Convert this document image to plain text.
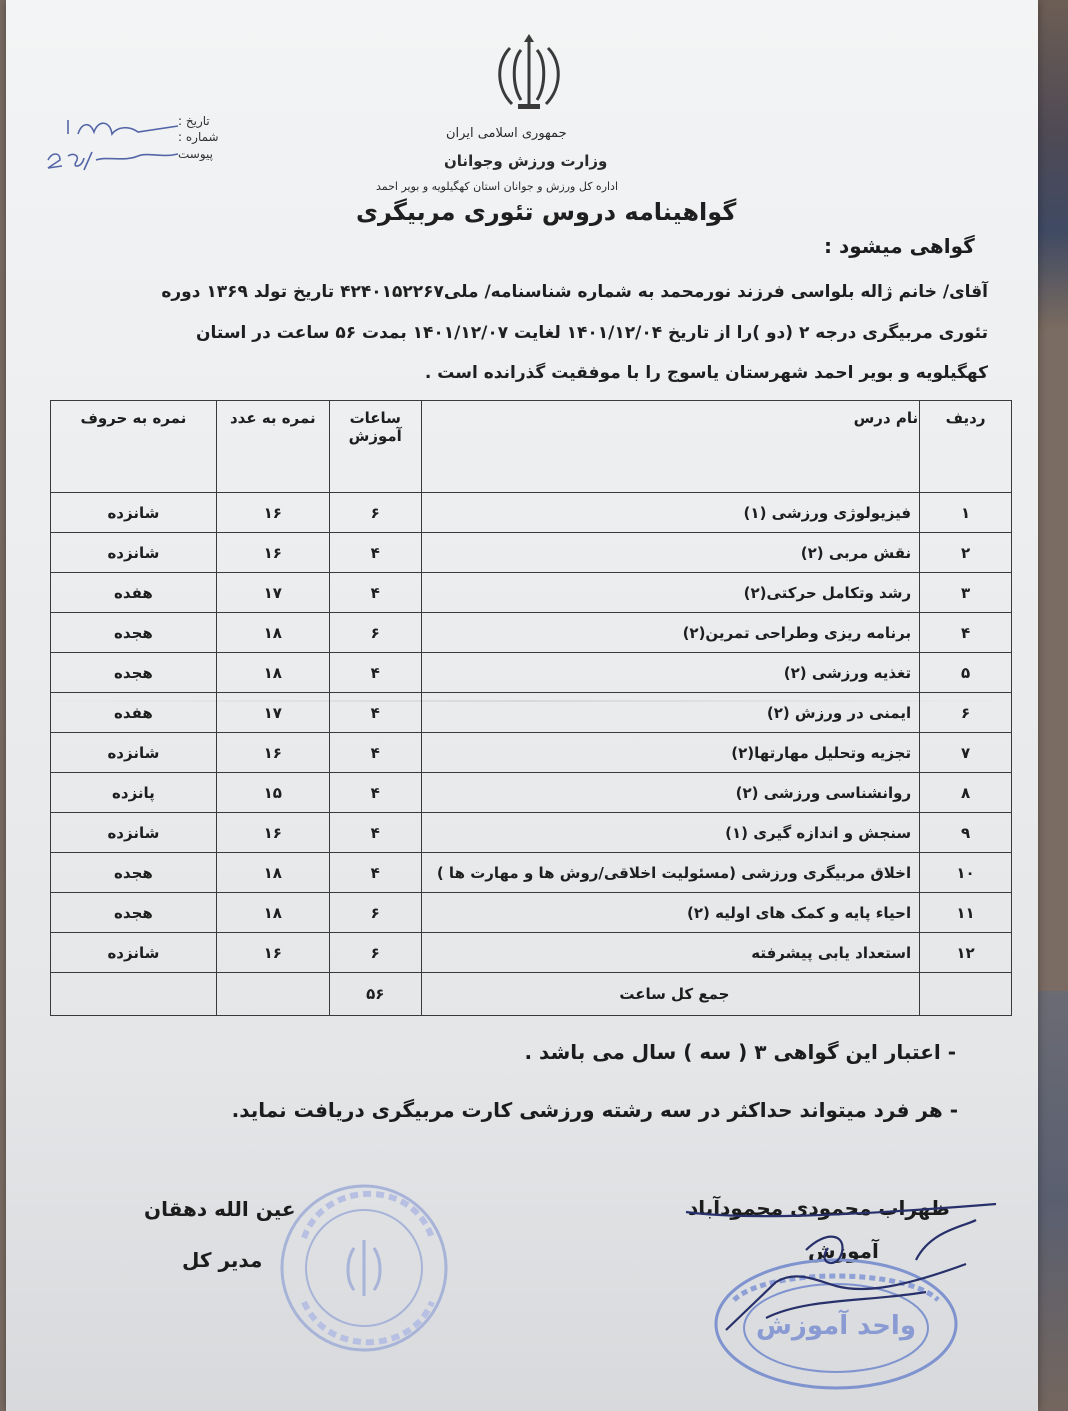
جمهوری اسلامی ایران
وزارت ورزش وجوانان
اداره کل ورزش و جوانان استان کهگیلویه و بویر احمد
گواهینامه دروس تئوری مربیگری
تاریخ :
شماره :
پیوست
گواهی میشود :
آقای/ خانم ژاله بلواسی فرزند نورمحمد به شماره شناسنامه/ ملی۴۲۴۰۱۵۲۲۶۷ تاریخ تولد ۱۳۶۹ دوره
تئوری مربیگری درجه ۲ (دو )را از تاریخ ۱۴۰۱/۱۲/۰۴ لغایت ۱۴۰۱/۱۲/۰۷ بمدت ۵۶ ساعت در استان
کهگیلویه و بویر احمد شهرستان یاسوج را با موفقیت گذرانده است .
ردیف	نام درس	ساعات آموزش	نمره به عدد	نمره به حروف
۱	فیزیولوژی ورزشی (۱)	۶	۱۶	شانزده
۲	نقش مربی (۲)	۴	۱۶	شانزده
۳	رشد وتکامل حرکتی(۲)	۴	۱۷	هفده
۴	برنامه ریزی وطراحی تمرین(۲)	۶	۱۸	هجده
۵	تغذیه ورزشی (۲)	۴	۱۸	هجده
۶	ایمنی در ورزش (۲)	۴	۱۷	هفده
۷	تجزیه وتحلیل مهارتها(۲)	۴	۱۶	شانزده
۸	روانشناسی ورزشی (۲)	۴	۱۵	پانزده
۹	سنجش و اندازه گیری (۱)	۴	۱۶	شانزده
۱۰	اخلاق مربیگری ورزشی (مسئولیت اخلاقی/روش ها و مهارت ها )	۴	۱۸	هجده
۱۱	احیاء پایه و کمک های اولیه (۲)	۶	۱۸	هجده
۱۲	استعداد یابی پیشرفته	۶	۱۶	شانزده
	جمع کل ساعت	۵۶		
- اعتبار این گواهی ۳ ( سه ) سال می باشد .
- هر فرد میتواند حداکثر در سه رشته ورزشی کارت مربیگری دریافت نماید.
ظهراب محمودی محمودآباد
آموزش
عین الله دهقان
مدیر کل
واحد آموزش
